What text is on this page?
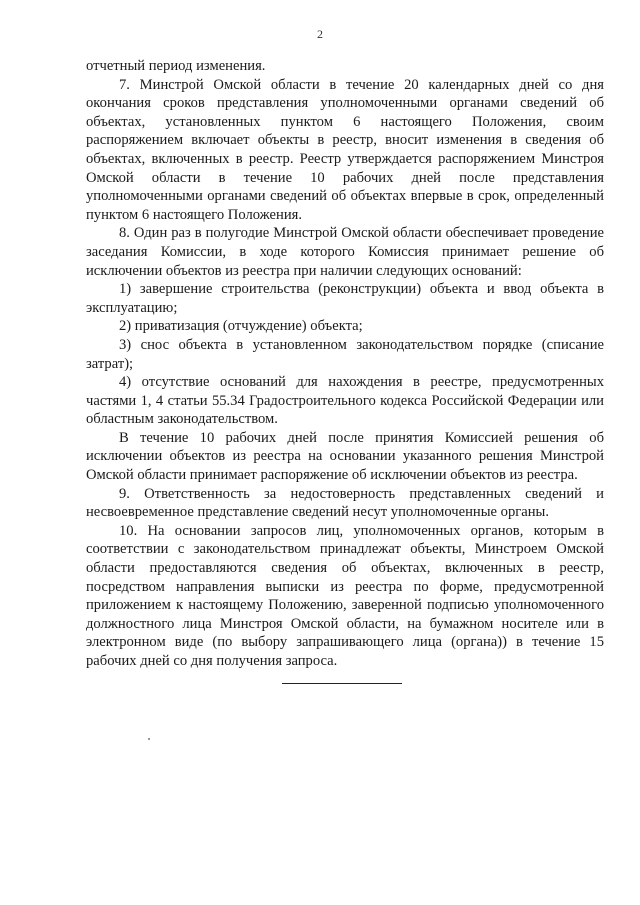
2

отчетный период изменения.

7. Минстрой Омской области в течение 20 календарных дней со дня окончания сроков представления уполномоченными органами сведений об объектах, установленных пунктом 6 настоящего Положения, своим распоряжением включает объекты в реестр, вносит изменения в сведения об объектах, включенных в реестр. Реестр утверждается распоряжением Минстроя Омской области в течение 10 рабочих дней после представления уполномоченными органами сведений об объектах впервые в срок, определенный пунктом 6 настоящего Положения.

8. Один раз в полугодие Минстрой Омской области обеспечивает проведение заседания Комиссии, в ходе которого Комиссия принимает решение об исключении объектов из реестра при наличии следующих оснований:

1) завершение строительства (реконструкции) объекта и ввод объекта в эксплуатацию;

2) приватизация (отчуждение) объекта;

3) снос объекта в установленном законодательством порядке (списание затрат);

4) отсутствие оснований для нахождения в реестре, предусмотренных частями 1, 4 статьи 55.34 Градостроительного кодекса Российской Федерации или областным законодательством.

В течение 10 рабочих дней после принятия Комиссией решения об исключении объектов из реестра на основании указанного решения Минстрой Омской области принимает распоряжение об исключении объектов из реестра.

9. Ответственность за недостоверность представленных сведений и несвоевременное представление сведений несут уполномоченные органы.

10. На основании запросов лиц, уполномоченных органов, которым в соответствии с законодательством принадлежат объекты, Минстроем Омской области предоставляются сведения об объектах, включенных в реестр, посредством направления выписки из реестра по форме, предусмотренной приложением к настоящему Положению, заверенной подписью уполномоченного должностного лица Минстроя Омской области, на бумажном носителе или в электронном виде (по выбору запрашивающего лица (органа)) в течение 15 рабочих дней со дня получения запроса.
